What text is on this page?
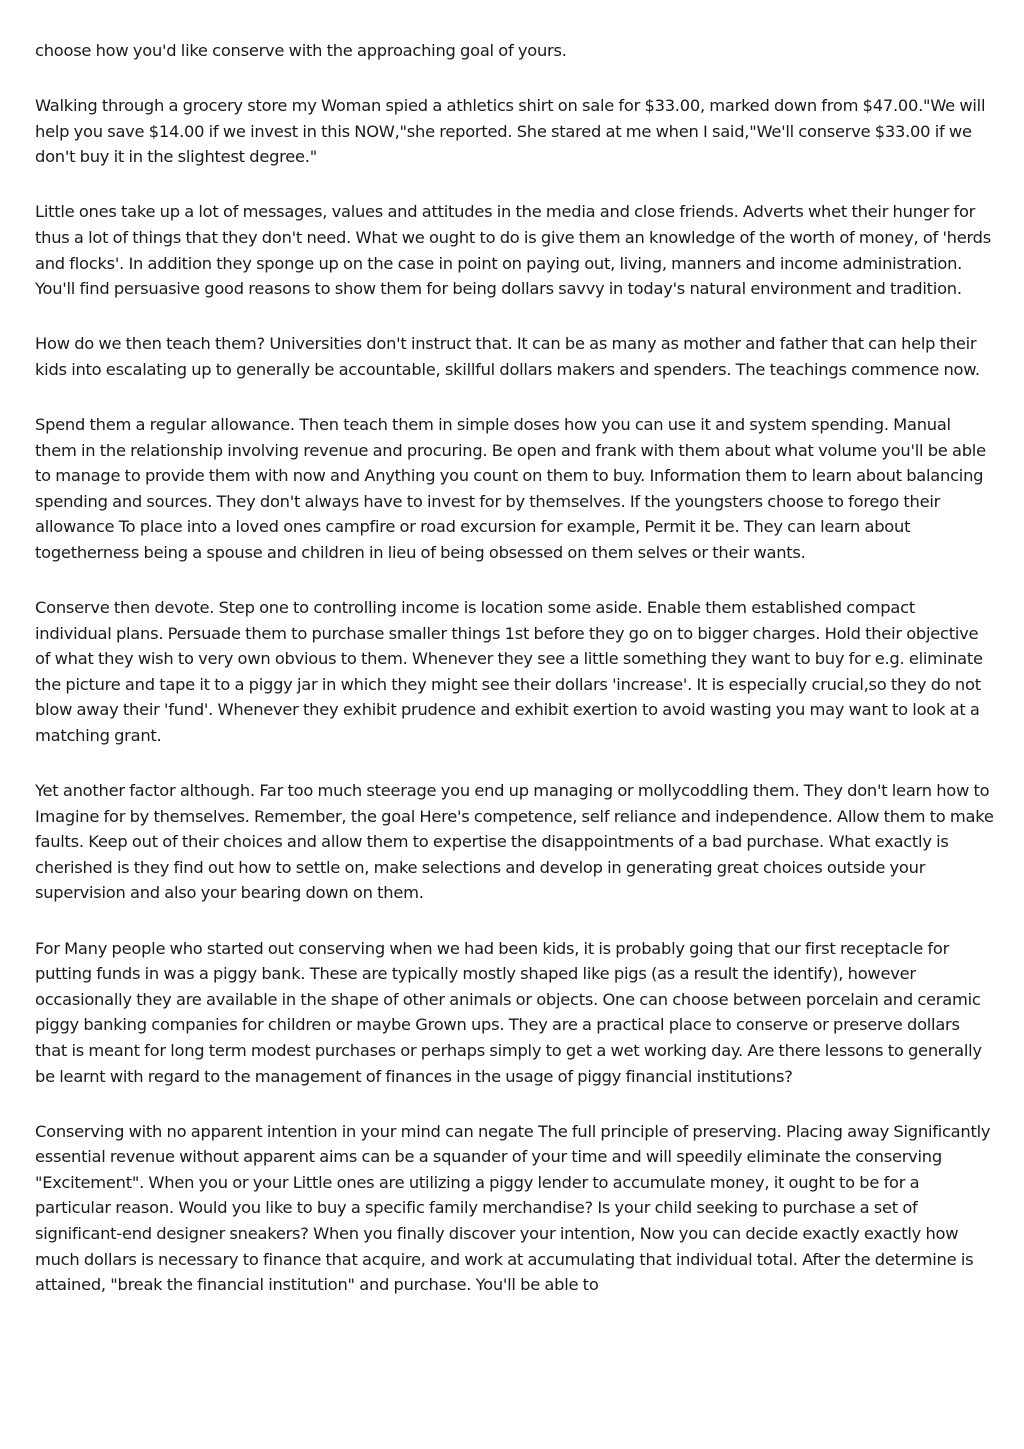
choose how you'd like conserve with the approaching goal of yours.

Walking through a grocery store my Woman spied a athletics shirt on sale for $33.00, marked down from $47.00."We will help you save $14.00 if we invest in this NOW,"she reported. She stared at me when I said,"We'll conserve $33.00 if we don't buy it in the slightest degree."

Little ones take up a lot of messages, values and attitudes in the media and close friends. Adverts whet their hunger for thus a lot of things that they don't need. What we ought to do is give them an knowledge of the worth of money, of 'herds and flocks'. In addition they sponge up on the case in point on paying out, living, manners and income administration. You'll find persuasive good reasons to show them for being dollars savvy in today's natural environment and tradition.

How do we then teach them? Universities don't instruct that. It can be as many as mother and father that can help their kids into escalating up to generally be accountable, skillful dollars makers and spenders. The teachings commence now.

Spend them a regular allowance. Then teach them in simple doses how you can use it and system spending. Manual them in the relationship involving revenue and procuring. Be open and frank with them about what volume you'll be able to manage to provide them with now and Anything you count on them to buy. Information them to learn about balancing spending and sources. They don't always have to invest for by themselves. If the youngsters choose to forego their allowance To place into a loved ones campfire or road excursion for example, Permit it be. They can learn about togetherness being a spouse and children in lieu of being obsessed on them selves or their wants.

Conserve then devote. Step one to controlling income is location some aside. Enable them established compact individual plans. Persuade them to purchase smaller things 1st before they go on to bigger charges. Hold their objective of what they wish to very own obvious to them. Whenever they see a little something they want to buy for e.g. eliminate the picture and tape it to a piggy jar in which they might see their dollars 'increase'. It is especially crucial,so they do not blow away their 'fund'. Whenever they exhibit prudence and exhibit exertion to avoid wasting you may want to look at a matching grant.

Yet another factor although. Far too much steerage you end up managing or mollycoddling them. They don't learn how to Imagine for by themselves. Remember, the goal Here's competence, self reliance and independence. Allow them to make faults. Keep out of their choices and allow them to expertise the disappointments of a bad purchase. What exactly is cherished is they find out how to settle on, make selections and develop in generating great choices outside your supervision and also your bearing down on them.

For Many people who started out conserving when we had been kids, it is probably going that our first receptacle for putting funds in was a piggy bank. These are typically mostly shaped like pigs (as a result the identify), however occasionally they are available in the shape of other animals or objects. One can choose between porcelain and ceramic piggy banking companies for children or maybe Grown ups. They are a practical place to conserve or preserve dollars that is meant for long term modest purchases or perhaps simply to get a wet working day. Are there lessons to generally be learnt with regard to the management of finances in the usage of piggy financial institutions?

Conserving with no apparent intention in your mind can negate The full principle of preserving. Placing away Significantly essential revenue without apparent aims can be a squander of your time and will speedily eliminate the conserving "Excitement". When you or your Little ones are utilizing a piggy lender to accumulate money, it ought to be for a particular reason. Would you like to buy a specific family merchandise? Is your child seeking to purchase a set of significant-end designer sneakers? When you finally discover your intention, Now you can decide exactly exactly how much dollars is necessary to finance that acquire, and work at accumulating that individual total. After the determine is attained, "break the financial institution" and purchase. You'll be able to
